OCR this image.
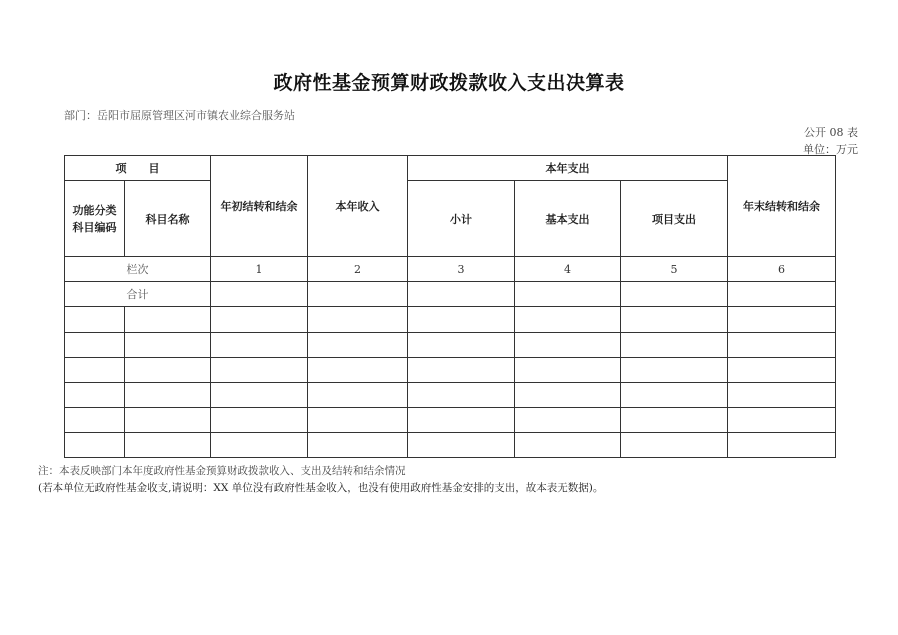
政府性基金预算财政拨款收入支出决算表
部门：岳阳市屈原管理区河市镇农业综合服务站
公开 08 表
单位：万元
项　　目		年初结转和结余	本年收入	本年支出			年末结转和结余

功能分类
科目编码	科目名称			小计	基本支出	项目支出	
栏次		1	2	3	4	5	6
合计							

注：本表反映部门本年度政府性基金预算财政拨款收入、支出及结转和结余情况
(若本单位无政府性基金收支,请说明：XX 单位没有政府性基金收入，也没有使用政府性基金安排的支出，故本表无数据)。
